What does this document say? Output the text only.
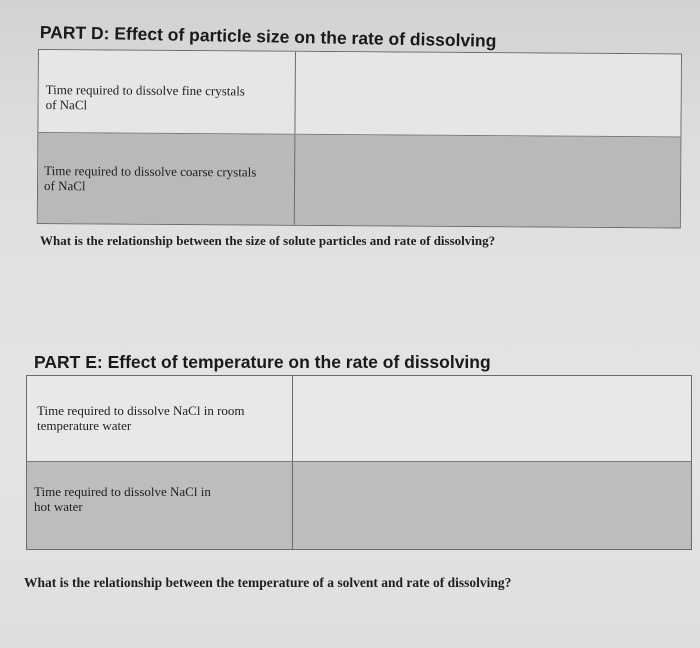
PART D: Effect of particle size on the rate of dissolving
Time required to dissolve fine crystals
of NaCl
Time required to dissolve coarse crystals
of NaCl
What is the relationship between the size of solute particles and rate of dissolving?
PART E: Effect of temperature on the rate of dissolving
Time required to dissolve NaCl in room
temperature water
Time required to dissolve NaCl in
hot water
What is the relationship between the temperature of a solvent and rate of dissolving?
